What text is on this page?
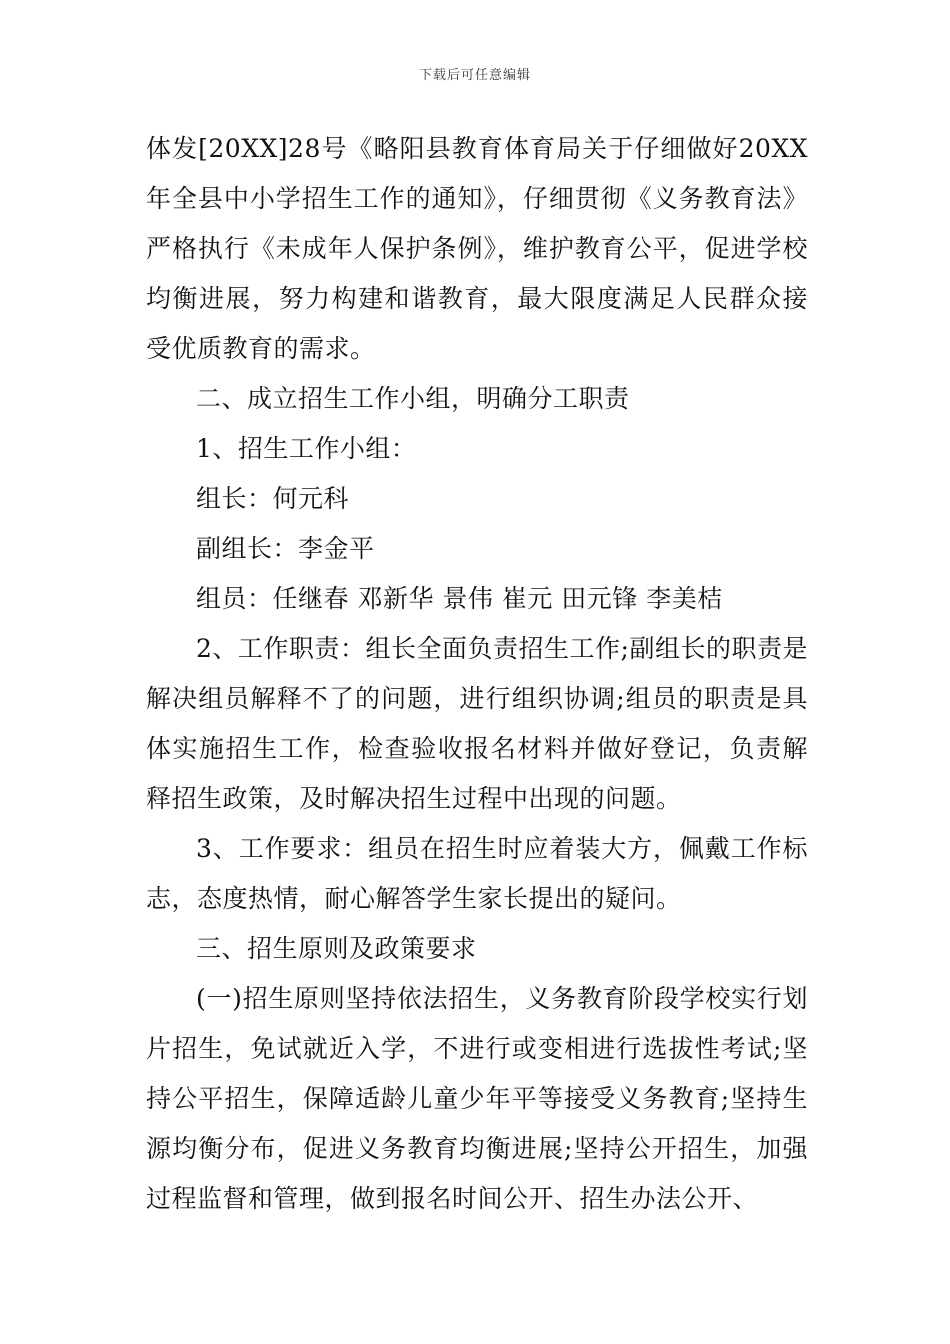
下载后可任意编辑

体发[20XX]28号《略阳县教育体育局关于仔细做好20XX年全县中小学招生工作的通知》，仔细贯彻《义务教育法》严格执行《未成年人保护条例》，维护教育公平，促进学校均衡进展，努力构建和谐教育，最大限度满足人民群众接受优质教育的需求。

二、成立招生工作小组，明确分工职责

1、招生工作小组：

组长：何元科

副组长：李金平

组员：任继春 邓新华 景伟 崔元 田元锋 李美桔

2、工作职责：组长全面负责招生工作;副组长的职责是解决组员解释不了的问题，进行组织协调;组员的职责是具体实施招生工作，检查验收报名材料并做好登记，负责解释招生政策，及时解决招生过程中出现的问题。

3、工作要求：组员在招生时应着装大方，佩戴工作标志，态度热情，耐心解答学生家长提出的疑问。

三、招生原则及政策要求

(一)招生原则坚持依法招生，义务教育阶段学校实行划片招生，免试就近入学，不进行或变相进行选拔性考试;坚持公平招生，保障适龄儿童少年平等接受义务教育;坚持生源均衡分布，促进义务教育均衡进展;坚持公开招生，加强过程监督和管理，做到报名时间公开、招生办法公开、
